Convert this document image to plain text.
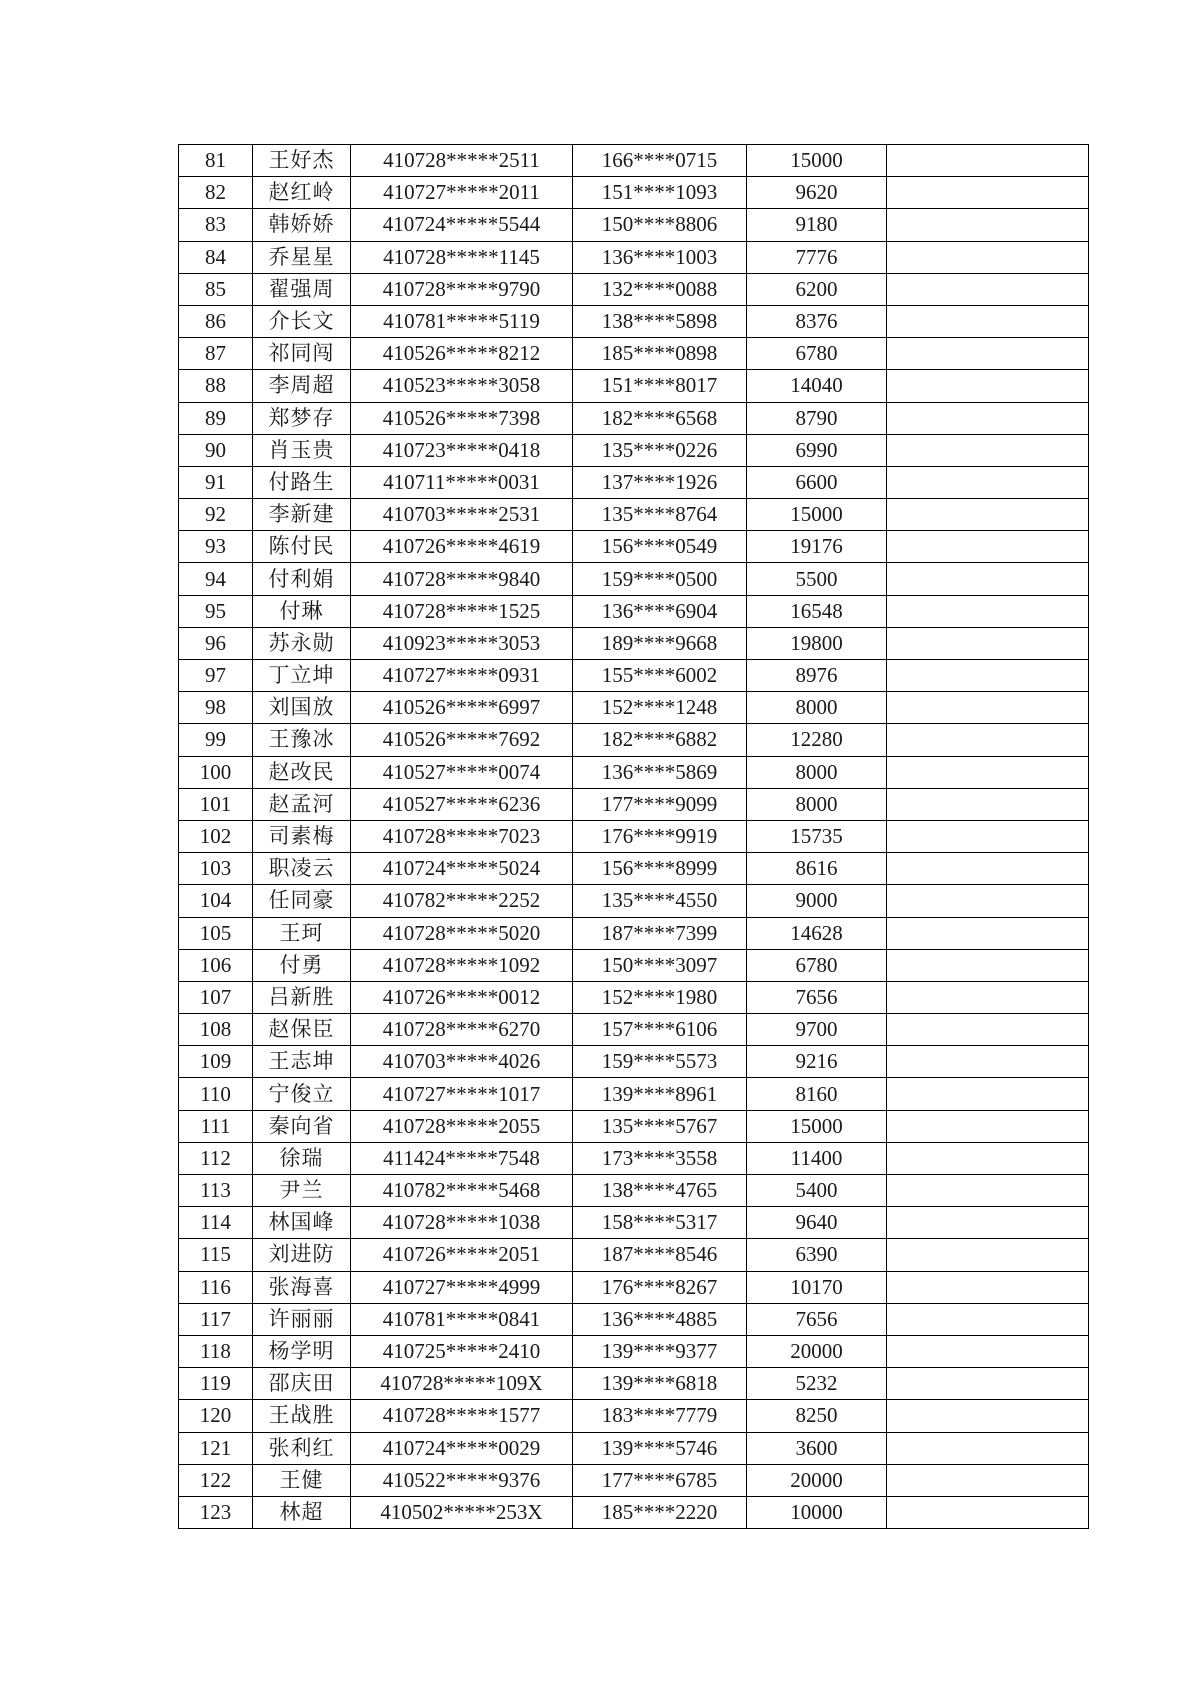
81	王好杰	410728*****2511	166****0715	15000	
82	赵红岭	410727*****2011	151****1093	9620	
83	韩娇娇	410724*****5544	150****8806	9180	
84	乔星星	410728*****1145	136****1003	7776	
85	翟强周	410728*****9790	132****0088	6200	
86	介长文	410781*****5119	138****5898	8376	
87	祁同闯	410526*****8212	185****0898	6780	
88	李周超	410523*****3058	151****8017	14040	
89	郑梦存	410526*****7398	182****6568	8790	
90	肖玉贵	410723*****0418	135****0226	6990	
91	付路生	410711*****0031	137****1926	6600	
92	李新建	410703*****2531	135****8764	15000	
93	陈付民	410726*****4619	156****0549	19176	
94	付利娟	410728*****9840	159****0500	5500	
95	付琳	410728*****1525	136****6904	16548	
96	苏永勋	410923*****3053	189****9668	19800	
97	丁立坤	410727*****0931	155****6002	8976	
98	刘国放	410526*****6997	152****1248	8000	
99	王豫冰	410526*****7692	182****6882	12280	
100	赵改民	410527*****0074	136****5869	8000	
101	赵孟河	410527*****6236	177****9099	8000	
102	司素梅	410728*****7023	176****9919	15735	
103	职凌云	410724*****5024	156****8999	8616	
104	任同豪	410782*****2252	135****4550	9000	
105	王珂	410728*****5020	187****7399	14628	
106	付勇	410728*****1092	150****3097	6780	
107	吕新胜	410726*****0012	152****1980	7656	
108	赵保臣	410728*****6270	157****6106	9700	
109	王志坤	410703*****4026	159****5573	9216	
110	宁俊立	410727*****1017	139****8961	8160	
111	秦向省	410728*****2055	135****5767	15000	
112	徐瑞	411424*****7548	173****3558	11400	
113	尹兰	410782*****5468	138****4765	5400	
114	林国峰	410728*****1038	158****5317	9640	
115	刘进防	410726*****2051	187****8546	6390	
116	张海喜	410727*****4999	176****8267	10170	
117	许丽丽	410781*****0841	136****4885	7656	
118	杨学明	410725*****2410	139****9377	20000	
119	邵庆田	410728*****109X	139****6818	5232	
120	王战胜	410728*****1577	183****7779	8250	
121	张利红	410724*****0029	139****5746	3600	
122	王健	410522*****9376	177****6785	20000	
123	林超	410502*****253X	185****2220	10000	
